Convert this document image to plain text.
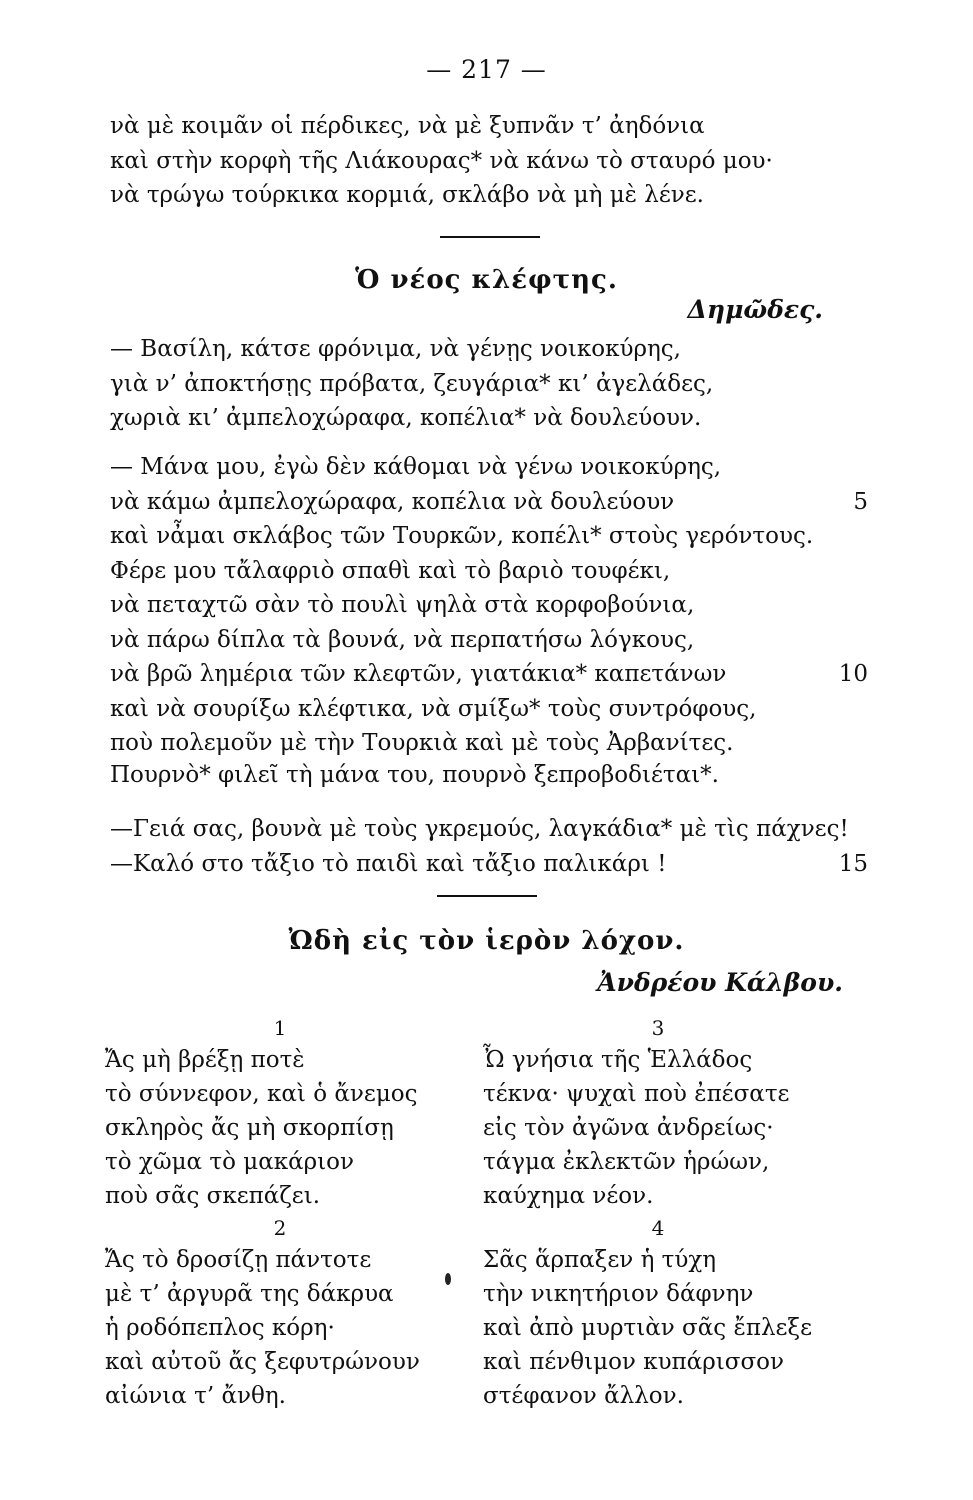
— 217 —
νὰ μὲ κοιμᾶν οἱ πέρδικες, νὰ μὲ ξυπνᾶν τ’ ἀηδόνια
καὶ στὴν κορφὴ τῆς Λιάκουρας* νὰ κάνω τὸ σταυρό μου·
νὰ τρώγω τούρκικα κορμιά, σκλάβο νὰ μὴ μὲ λένε.
Ὁ νέος κλέφτης.
Δημῶδες.
— Βασίλη, κάτσε φρόνιμα, νὰ γένῃς νοικοκύρης,
γιὰ ν’ ἀποκτήσῃς πρόβατα, ζευγάρια* κι’ ἀγελάδες,
χωριὰ κι’ ἀμπελοχώραφα, κοπέλια* νὰ δουλεύουν.
— Μάνα μου, ἐγὼ δὲν κάθομαι νὰ γένω νοικοκύρης,
νὰ κάμω ἀμπελοχώραφα, κοπέλια νὰ δουλεύουν	5
καὶ νἆμαι σκλάβος τῶν Τουρκῶν, κοπέλι* στοὺς γερόντους.
Φέρε μου τἄλαφριὸ σπαθὶ καὶ τὸ βαριὸ τουφέκι,
νὰ πεταχτῶ σὰν τὸ πουλὶ ψηλὰ στὰ κορφοβούνια,
νὰ πάρω δίπλα τὰ βουνά, νὰ περπατήσω λόγκους,
νὰ βρῶ λημέρια τῶν κλεφτῶν, γιατάκια* καπετάνων	10
καὶ νὰ σουρίξω κλέφτικα, νὰ σμίξω* τοὺς συντρόφους,
ποὺ πολεμοῦν μὲ τὴν Τουρκιὰ καὶ μὲ τοὺς Ἀρβανίτες.
Πουρνὸ* φιλεῖ τὴ μάνα του, πουρνὸ ξεπροβοδιέται*.
—Γειά σας, βουνὰ μὲ τοὺς γκρεμούς, λαγκάδια* μὲ τὶς πάχνες!
—Καλό στο τἄξιο τὸ παιδὶ καὶ τἄξιο παλικάρι !	15
Ὠδὴ εἰς τὸν ἱερὸν λόχον.
Ἀνδρέου Κάλβου.
1
Ἄς μὴ βρέξῃ ποτὲ
τὸ σύννεφον, καὶ ὁ ἄνεμος
σκληρὸς ἄς μὴ σκορπίσῃ
τὸ χῶμα τὸ μακάριον
ποὺ σᾶς σκεπάζει.
2
Ἄς τὸ δροσίζῃ πάντοτε
μὲ τ’ ἀργυρᾶ της δάκρυα
ἡ ροδόπεπλος κόρη·
καὶ αὐτοῦ ἄς ξεφυτρώνουν
αἰώνια τ’ ἄνθη.
3
Ὦ γνήσια τῆς Ἑλλάδος
τέκνα· ψυχαὶ ποὺ ἐπέσατε
εἰς τὸν ἀγῶνα ἀνδρείως·
τάγμα ἐκλεκτῶν ἡρώων,
καύχημα νέον.
4
Σᾶς ἅρπαξεν ἡ τύχη
τὴν νικητήριον δάφνην
καὶ ἀπὸ μυρτιὰν σᾶς ἔπλεξε
καὶ πένθιμον κυπάρισσον
στέφανον ἄλλον.
